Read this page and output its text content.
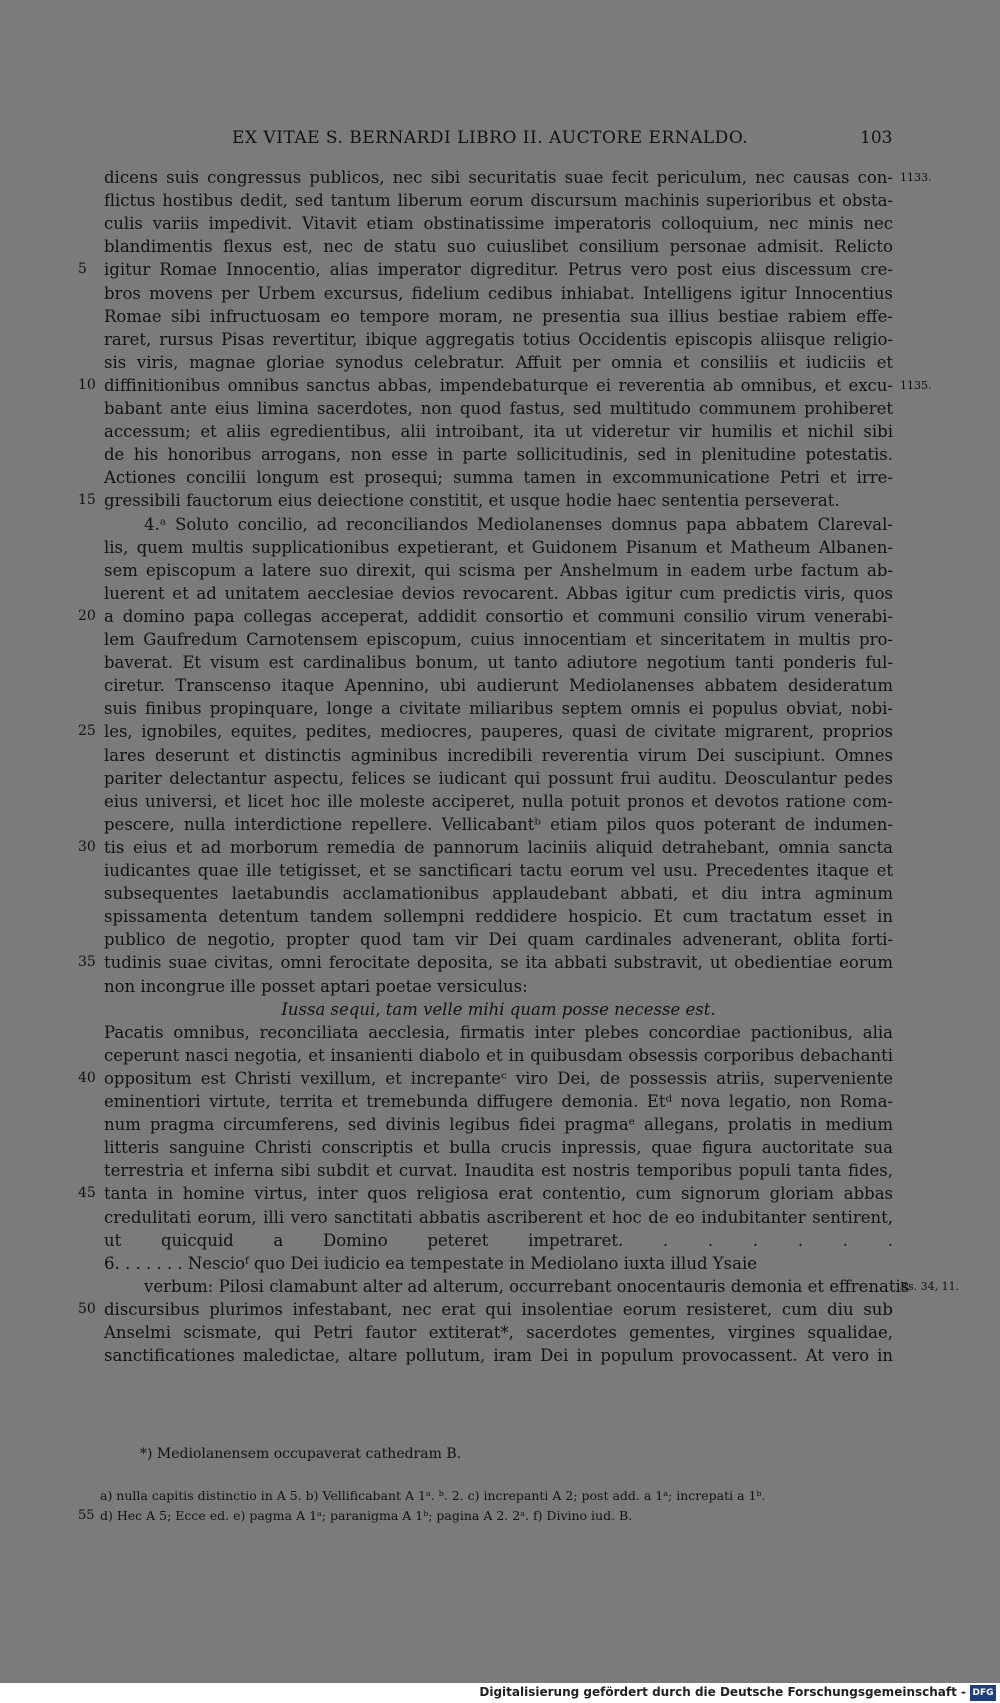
EX VITAE S. BERNARDI LIBRO II. AUCTORE ERNALDO.	103
dicens suis congressus publicos, nec sibi securitatis suae fecit periculum, nec causas con-
flictus hostibus dedit, sed tantum liberum eorum discursum machinis superioribus et obsta-
culis variis impedivit. Vitavit etiam obstinatissime imperatoris colloquium, nec minis nec
blandimentis flexus est, nec de statu suo cuiuslibet consilium personae admisit. Relicto
igitur Romae Innocentio, alias imperator digreditur. Petrus vero post eius discessum cre-
bros movens per Urbem excursus, fidelium cedibus inhiabat. Intelligens igitur Innocentius
Romae sibi infructuosam eo tempore moram, ne presentia sua illius bestiae rabiem effe-
raret, rursus Pisas revertitur, ibique aggregatis totius Occidentis episcopis aliisque religio-
sis viris, magnae gloriae synodus celebratur. Affuit per omnia et consiliis et iudiciis et
diffinitionibus omnibus sanctus abbas, impendebaturque ei reverentia ab omnibus, et excu-
babant ante eius limina sacerdotes, non quod fastus, sed multitudo communem prohiberet
accessum; et aliis egredientibus, alii introibant, ita ut videretur vir humilis et nichil sibi
de his honoribus arrogans, non esse in parte sollicitudinis, sed in plenitudine potestatis.
Actiones concilii longum est prosequi; summa tamen in excommunicatione Petri et irre-
gressibili fauctorum eius deiectione constitit, et usque hodie haec sententia perseverat.
4.ᵃ Soluto concilio, ad reconciliandos Mediolanenses domnus papa abbatem Clareval-
lis, quem multis supplicationibus expetierant, et Guidonem Pisanum et Matheum Albanen-
sem episcopum a latere suo direxit, qui scisma per Anshelmum in eadem urbe factum ab-
luerent et ad unitatem aecclesiae devios revocarent. Abbas igitur cum predictis viris, quos
a domino papa collegas acceperat, addidit consortio et communi consilio virum venerabi-
lem Gaufredum Carnotensem episcopum, cuius innocentiam et sinceritatem in multis pro-
baverat. Et visum est cardinalibus bonum, ut tanto adiutore negotium tanti ponderis ful-
ciretur. Transcenso itaque Apennino, ubi audierunt Mediolanenses abbatem desideratum
suis finibus propinquare, longe a civitate miliaribus septem omnis ei populus obviat, nobi-
les, ignobiles, equites, pedites, mediocres, pauperes, quasi de civitate migrarent, proprios
lares deserunt et distinctis agminibus incredibili reverentia virum Dei suscipiunt. Omnes
pariter delectantur aspectu, felices se iudicant qui possunt frui auditu. Deosculantur pedes
eius universi, et licet hoc ille moleste acciperet, nulla potuit pronos et devotos ratione com-
pescere, nulla interdictione repellere. Vellicabantᵇ etiam pilos quos poterant de indumen-
tis eius et ad morborum remedia de pannorum laciniis aliquid detrahebant, omnia sancta
iudicantes quae ille tetigisset, et se sanctificari tactu eorum vel usu. Precedentes itaque et
subsequentes laetabundis acclamationibus applaudebant abbati, et diu intra agminum
spissamenta detentum tandem sollempni reddidere hospicio. Et cum tractatum esset in
publico de negotio, propter quod tam vir Dei quam cardinales advenerant, oblita forti-
tudinis suae civitas, omni ferocitate deposita, se ita abbati substravit, ut obedientiae eorum
non incongrue ille posset aptari poetae versiculus:
Iussa sequi, tam velle mihi quam posse necesse est.
Pacatis omnibus, reconciliata aecclesia, firmatis inter plebes concordiae pactionibus, alia
ceperunt nasci negotia, et insanienti diabolo et in quibusdam obsessis corporibus debachanti
oppositum est Christi vexillum, et increpanteᶜ viro Dei, de possessis atriis, superveniente
eminentiori virtute, territa et tremebunda diffugere demonia. Etᵈ nova legatio, non Roma-
num pragma circumferens, sed divinis legibus fidei pragmaᵉ allegans, prolatis in medium
litteris sanguine Christi conscriptis et bulla crucis inpressis, quae figura auctoritate sua
terrestria et inferna sibi subdit et curvat. Inaudita est nostris temporibus populi tanta fides,
tanta in homine virtus, inter quos religiosa erat contentio, cum signorum gloriam abbas
credulitati eorum, illi vero sanctitati abbatis ascriberent et hoc de eo indubitanter sentirent,
ut quicquid a Domino peteret impetraret. . . . . . .
6. . . . . . . Nescioᶠ quo Dei iudicio ea tempestate in Mediolano iuxta illud Ysaie
verbum: Pilosi clamabunt alter ad alterum, occurrebant onocentauris demonia et effrenatis
discursibus plurimos infestabant, nec erat qui insolentiae eorum resisteret, cum diu sub
Anselmi scismate, qui Petri fautor extiterat*, sacerdotes gementes, virgines squalidae,
sanctificationes maledictae, altare pollutum, iram Dei in populum provocassent. At vero in
5
10
15
20
25
30
35
40
45
50
1133.
1135.
Es. 34, 11.
*) Mediolanensem occupaverat cathedram B.
a) nulla capitis distinctio in A 5. b) Vellificabant A 1ᵃ. ᵇ. 2. c) increpanti A 2; post add. a 1ᵃ; increpati a 1ᵇ.
55 d) Hec A 5; Ecce ed. e) pagma A 1ᵃ; paranigma A 1ᵇ; pagina A 2. 2ᵃ. f) Divino iud. B.
Digitalisierung gefördert durch die Deutsche Forschungsgemeinschaft - DFG
